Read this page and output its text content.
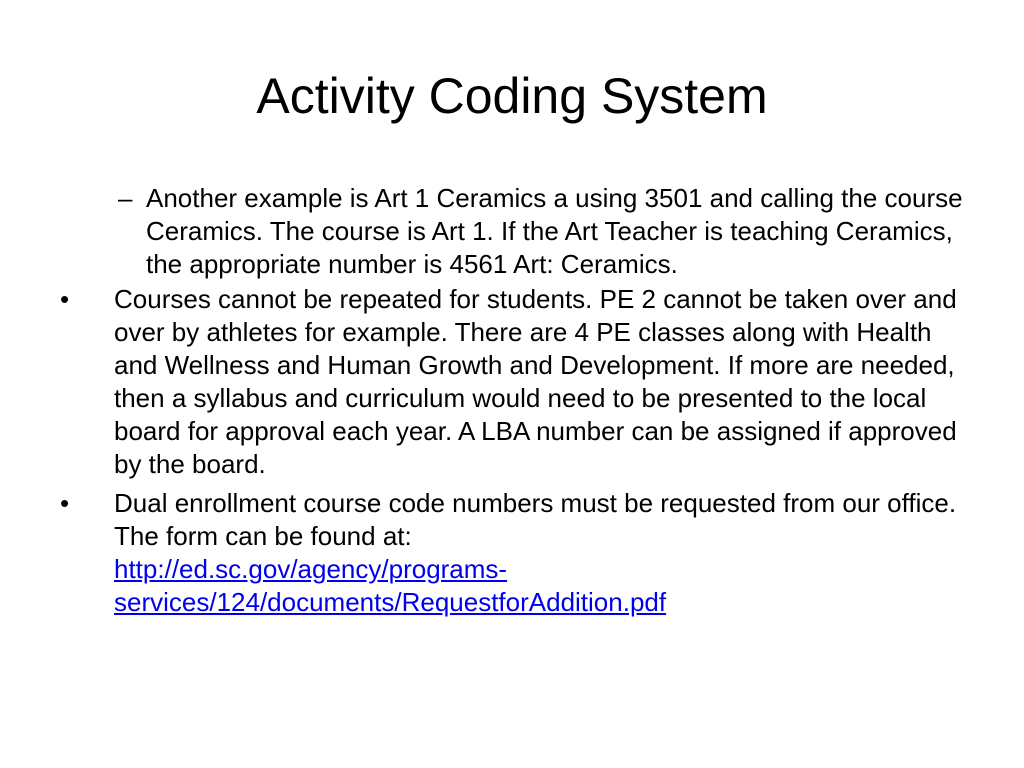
Activity Coding System
– Another example is Art 1 Ceramics a using 3501 and calling the course Ceramics. The course is Art 1. If the Art Teacher is teaching Ceramics, the appropriate number is 4561 Art: Ceramics.
• Courses cannot be repeated for students. PE 2 cannot be taken over and over by athletes for example. There are 4 PE classes along with Health and Wellness and Human Growth and Development. If more are needed, then a syllabus and curriculum would need to be presented to the local board for approval each year. A LBA number can be assigned if approved by the board.
• Dual enrollment course code numbers must be requested from our office. The form can be found at:
http://ed.sc.gov/agency/programs-services/124/documents/RequestforAddition.pdf
